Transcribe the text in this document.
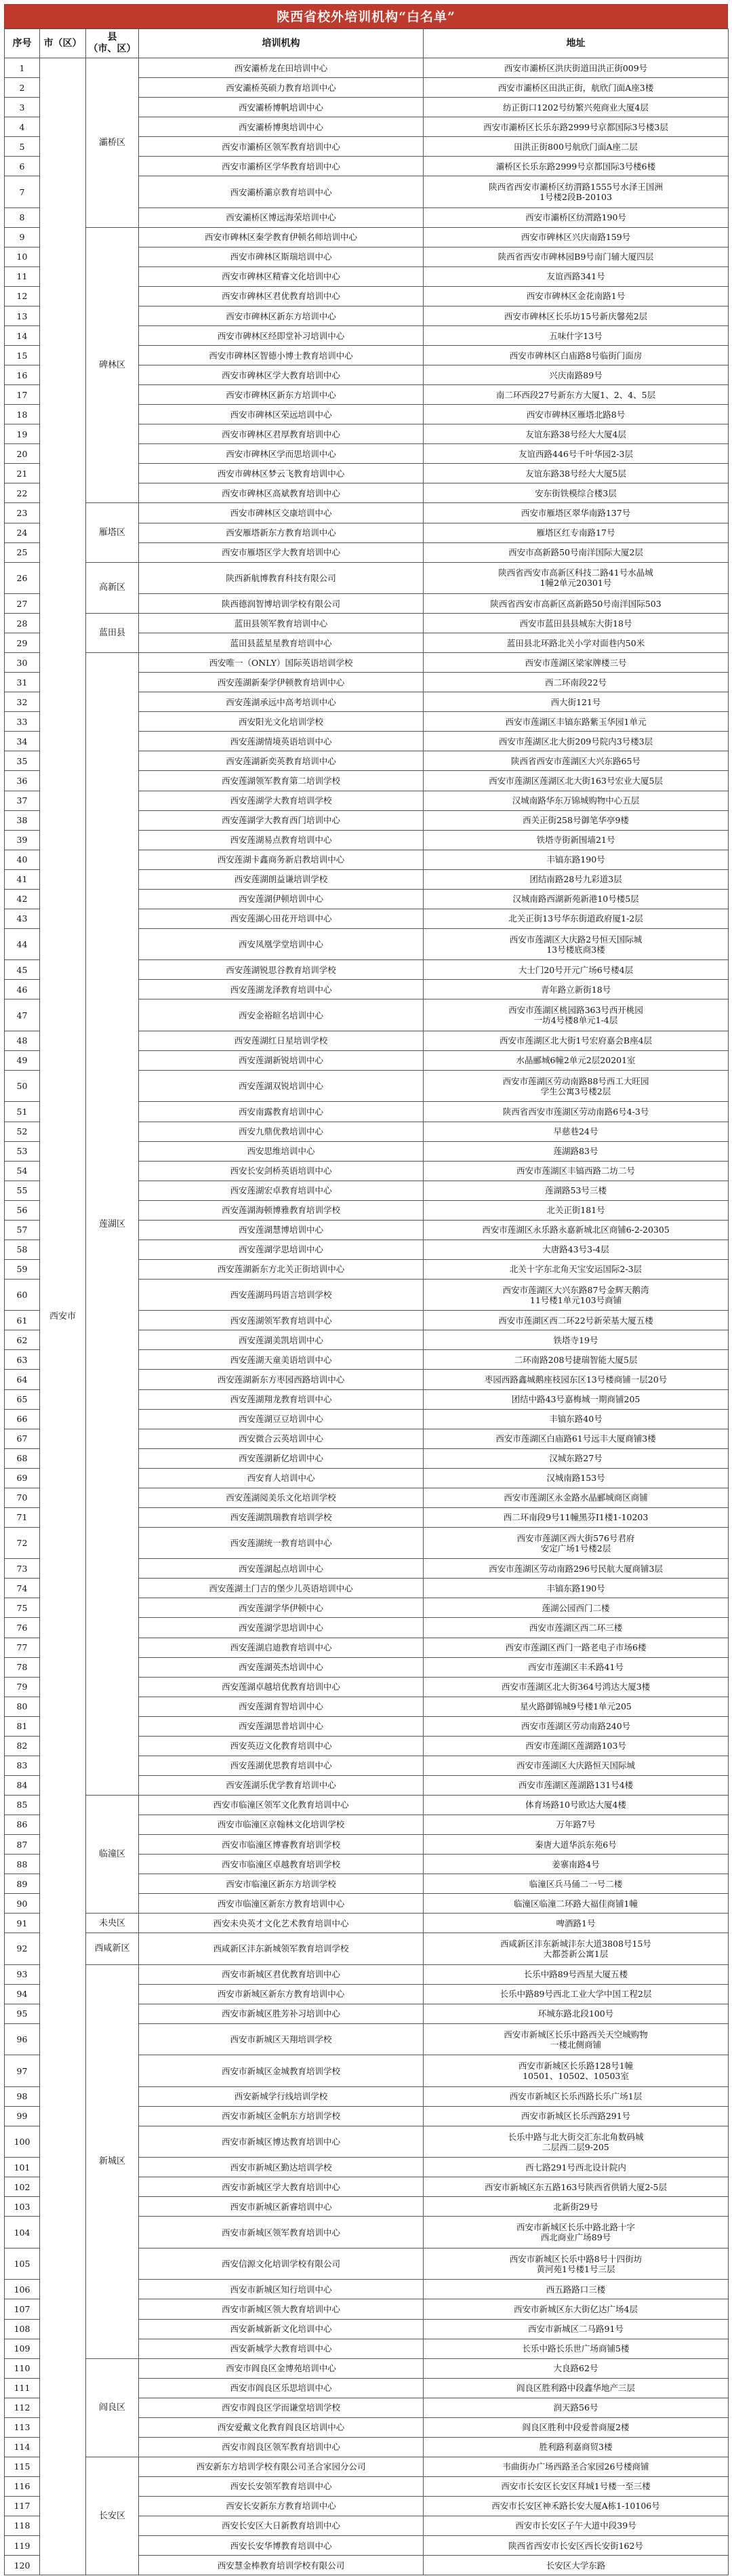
陕西省校外培训机构“白名单”
序号	市（区）	县
（市、区）	培训机构	地址
1	西安市	灞桥区	西安灞桥龙在田培训中心	西安市灞桥区洪庆街道田洪正街009号
2			西安灞桥英硕力教育培训中心	西安市灞桥区田洪正街，航欣门面A座3楼
3			西安灞桥博帆培训中心	纺正街口1202号纺繁兴苑商业大厦4层
4			西安灞桥博奥培训中心	西安市灞桥区长乐东路2999号京都国际3号楼3层
5			西安市灞桥区领军教育培训中心	田洪正街800号航欣门面A座二层
6			西安市灞桥区学华教育培训中心	灞桥区长乐东路2999号京都国际3号楼6楼
7			西安灞桥灞京教育培训中心	陕西省西安市灞桥区纺渭路1555号水泽王国洲
1号楼2段B-20103
8			西安灞桥区博远海荣培训中心	西安市灞桥区纺渭路190号
9		碑林区	西安市碑林区秦学教育伊顿名师培训中心	西安市碑林区兴庆南路159号
10			西安市碑林区斯瑞培训中心	陕西省西安市碑林园B9号南门辅大厦四层
11			西安市碑林区精睿文化培训中心	友谊西路341号
12			西安市碑林区君优教育培训中心	西安市碑林区金花南路1号
13			西安市碑林区新东方培训中心	西安市碑林区长乐坊15号新庆馨苑2层
14			西安市碑林区经即堂补习培训中心	五味什字13号
15			西安市碑林区智德小博士教育培训中心	西安市碑林区白庙路8号临街门面房
16			西安市碑林区学大教育培训中心	兴庆南路89号
17			西安市碑林区新东方培训中心	南二环西段27号新东方大厦1、2、4、5层
18			西安市碑林区荣远培训中心	西安市碑林区雁塔北路8号
19			西安市碑林区君厚教育培训中心	友谊东路38号经大大厦4层
20			西安市碑林区学而思培训中心	友谊西路446号千叶华园2-3层
21			西安市碑林区梦云飞教育培训中心	友谊东路38号经大大厦5层
22			西安市碑林区高斌教育培训中心	安东街铁模综合楼3层
23		雁塔区	西安市碑林区交康培训中心	西安市雁塔区翠华南路137号
24			西安雁塔新东方教育培训中心	雁塔区红专南路17号
25			西安市雁塔区学大教育培训中心	西安市高新路50号南洋国际大厦2层
26		高新区	陕西新航博教育科技有限公司	陕西省西安市高新区科技二路41号水晶城
1幢2单元20301号
27			陕西德润智博培训学校有限公司	陕西省西安市高新区高新路50号南洋国际503
28		蓝田县	蓝田县领军教育培训中心	西安市蓝田县县城东大街18号
29			蓝田县蓝星星教育培训中心	蓝田县北环路北关小学对面巷内50米
30		莲湖区	西安唯一（ONLY）国际英语培训学校	西安市莲湖区梁家牌楼三号
31			西安莲湖新秦学伊顿教育培训中心	西二环南段22号
32			西安莲湖承远中高考培训中心	西大街121号
33			西安阳光文化培训学校	西安市莲湖区丰镐东路紫玉华园1单元
34			西安莲湖情境英语培训中心	西安市莲湖区北大街209号院内3号楼3层
35			西安莲湖新奕英教育培训中心	陕西省西安市莲湖区大兴东路65号
36			西安莲湖领军教育第二培训学校	西安市莲湖区莲湖区北大街163号宏业大厦5层
37			西安莲湖学大教育培训学校	汉城南路华东万锦城购物中心五层
38			西安莲湖学大教育西门培训中心	西关正街258号御笔华亭9楼
39			西安莲湖易点教育培训中心	铁塔寺街新围墙21号
40			西安莲湖卡鑫商务新启教培训中心	丰镐东路190号
41			西安莲湖朗益谦培训学校	团结南路28号九彩道3层
42			西安莲湖伊顿培训中心	汉城南路西湖新苑新港10号楼5层
43			西安莲湖心田花开培训中心	北关正街13号华东街道政府厦1-2层
44			西安凤凰学堂培训中心	西安市莲湖区大庆路2号恒天国际城
13号楼底商3楼
45			西安莲湖锐思谷教育培训学校	大士门20号开元广场6号楼4层
46			西安莲湖龙泽教育培训中心	青年路立新街18号
47			西安金裕暄名培训中心	西安市莲湖区桃园路363号西开桃园
一坊4号楼8单元1-4层
48			西安莲湖红日星培训学校	西安市莲湖区北大街1号宏府嘉会B座4层
49			西安莲湖新锐培训中心	水晶郦城6幢2单元2层20201室
50			西安莲湖双锐培训中心	西安市莲湖区劳动南路88号西工大旺园
学生公寓3号楼2层
51			西安南露教育培训中心	陕西省西安市莲湖区劳动南路6号4-3号
52			西安九鼎优教培训中心	早慈巷24号
53			西安思维培训中心	莲湖路83号
54			西安长安剑桥英语培训中心	西安市莲湖区丰镐西路二坊二号
55			西安莲湖宏卓教育培训中心	莲湖路53号三楼
56			西安莲湖海顿博雅教育培训学校	北关正街181号
57			西安莲湖慧博培训中心	西安市莲湖区永乐路永嘉新城北区商铺6-2-20305
58			西安莲湖学思培训中心	大唐路43号3-4层
59			西安莲湖新东方北关正街培训中心	北关十字东北角天宝安运国际2-3层
60			西安莲湖玛玛语言培训学校	西安市莲湖区大兴东路87号金辉天鹅湾
11号楼1单元103号商铺
61			西安莲湖领军教育培训中心	西安市莲湖区西二环22号新荣基大厦五楼
62			西安莲湖美凯培训中心	铁塔寺19号
63			西安莲湖天童美语培训中心	二环南路208号捷瑞智能大厦5层
64			西安莲湖新东方枣园西路培训中心	枣园西路鑫城鹅座枝园东区13号楼商铺一层20号
65			西安莲湖翔龙教育培训中心	团结中路43号嘉梅城一期商铺205
66			西安莲湖豆豆培训中心	丰镐东路40号
67			西安微合云英培训中心	西安市莲湖区白庙路61号远丰大厦商铺3楼
68			西安莲湖新亿培训中心	汉城东路27号
69			西安育人培训中心	汉城南路153号
70			西安莲湖阅美乐文化培训学校	西安市莲湖区永金路水晶郦城商区商铺
71			西安莲湖凯瑞教育培训学校	西二环南段9号11幢黑芬I1楼1-10203
72			西安莲湖统一教育培训中心	西安市莲湖区西大街576号君府
安定广场1号楼2层
73			西安莲湖起点培训中心	西安市莲湖区劳动南路296号民航大厦商铺3层
74			西安莲湖土门吉的堡少儿英语培训中心	丰镐东路190号
75			西安莲湖学华伊顿中心	莲湖公园西门二楼
76			西安莲湖学思培训中心	西安市莲湖区西二环三楼
77			西安莲湖启迪教育培训中心	西安市莲湖区西门一路老电子市场6楼
78			西安莲湖英杰培训中心	西安市莲湖区丰禾路41号
79			西安莲湖卓越培优教育培训中心	西安市莲湖区北大街364号鸿达大厦3楼
80			西安莲湖育智培训中心	星火路御锦城9号楼1单元205
81			西安莲湖思普培训中心	西安市莲湖区劳动南路240号
82			西安英迈文化教育培训中心	西安市莲湖区莲湖路103号
83			西安莲湖优思教育培训中心	西安市莲湖区大庆路恒天国际城
84			西安莲湖乐优学教育培训中心	西安市莲湖区莲湖路131号4楼
85		临潼区	西安市临潼区领军文化教育培训中心	体育场路10号欧达大厦4楼
86			西安市临潼区京翰林文化培训学校	万年路7号
87			西安市临潼区博睿教育培训学校	秦唐大道华浜东苑6号
88			西安市临潼区卓越教育培训学校	姜寨南路4号
89			西安市临潼区新东方培训学校	临潼区兵马俑二一号二楼
90			西安市临潼区新东方教育培训中心	临潼区临潼二环路大福佳商铺1幢
91		未央区	西安未央英才文化艺术教育培训中心	啤酒路1号
92		西咸新区	西咸新区沣东新城领军教育培训学校	西咸新区沣东新城沣东大道3808号15号
大都荟新公寓1层
93		新城区	西安市新城区君优教育培训中心	长乐中路89号西星大厦五楼
94			西安市新城区新东方教育培训中心	长乐中路89号西北工业大学中国工程2层
95			西安市新城区胜芳补习培训中心	环城东路北段100号
96			西安市新城区天翔培训学校	西安市新城区长乐中路西关天空城购物
一楼北侧商铺
97			西安市新城区金城教育培训学校	西安市新城区长乐路128号1幢
10501、10502、10503室
98			西安新城学行线培训学校	西安市新城区长乐西路长乐广场1层
99			西安市新城区金帆东方培训学校	西安市新城区长乐西路291号
100			西安市新城区博达教育培训中心	长乐中路与北大街交汇东北角数码城
二层西二层9-205
101			西安市新城区勤达培训学校	西七路291号西北设计院内
102			西安市新城区学大教育培训中心	西安市新城区东五路163号陕西省供销大厦2-5层
103			西安市新城区新睿培训中心	北新街29号
104			西安市新城区领军教育培训中心	西安市新城区长乐中路北路十字
西北商业广场89号
105			西安信源文化培训学校有限公司	西安市新城区长乐中路8号十四街坊
黄河苑1号楼1号三层
106			西安市新城区知行培训中心	西五路路口三楼
107			西安市新城区领大教育培训中心	西安市新城区东大街亿达广场4层
108			西安新城新新文化培训中心	西安市新城区二马路91号
109			西安新城学大教育培训中心	长乐中路长乐世广场商铺5楼
110		阎良区	西安市阎良区金博苑培训中心	大良路62号
111			西安市阎良区乐思培训中心	阎良区胜利路中段鑫华地产三层
112			西安市阎良区学而谦堂培训学校	润天路56号
113			西安爱戴文化教育阎良区培训中心	阎良区胜利中段爱普商厦2楼
114			西安市阎良区领军教育培训中心	胜利路利嘉商贸3楼
115		长安区	西安新东方培训学校有限公司圣合家园分公司	韦曲街办广场西路圣合家园26号楼商铺
116			西安长安领军教育培训中心	西安市长安区长安区拜城1号楼一至三楼
117			西安长安新东方教育培训中心	西安市长安区神禾路长安大厦A栋1-10106号
118			西安长安区大日新教育培训中心	西安市长安区子午大道中段39号
119			西安长安华博教育培训中心	陕西省西安市长安区西长安街162号
120			西安慧金棒教育培训学校有限公司	长安区大学东路
